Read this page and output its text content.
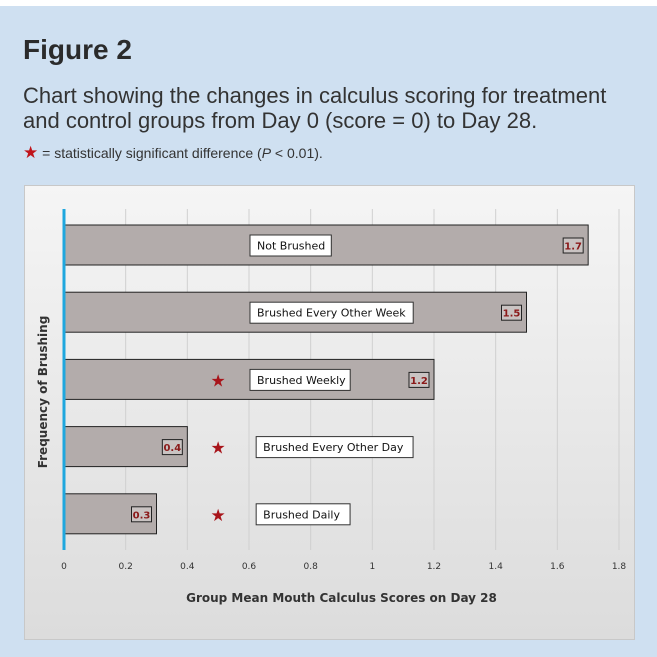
Figure 2
Chart showing the changes in calculus scoring for treatment and control groups from Day 0 (score = 0) to Day 28.
★ = statistically significant difference (P < 0.01).
1.7
Not Brushed
1.5
Brushed Every Other Week
1.2
Brushed Weekly
★
0.4	Brushed Every Other Day
★
0.3	Brushed Daily
★
0	0.2	0.4	0.6	0.8	1	1.2	1.4	1.6	1.8
Group Mean Mouth Calculus Scores on Day 28
Frequency of Brushing
